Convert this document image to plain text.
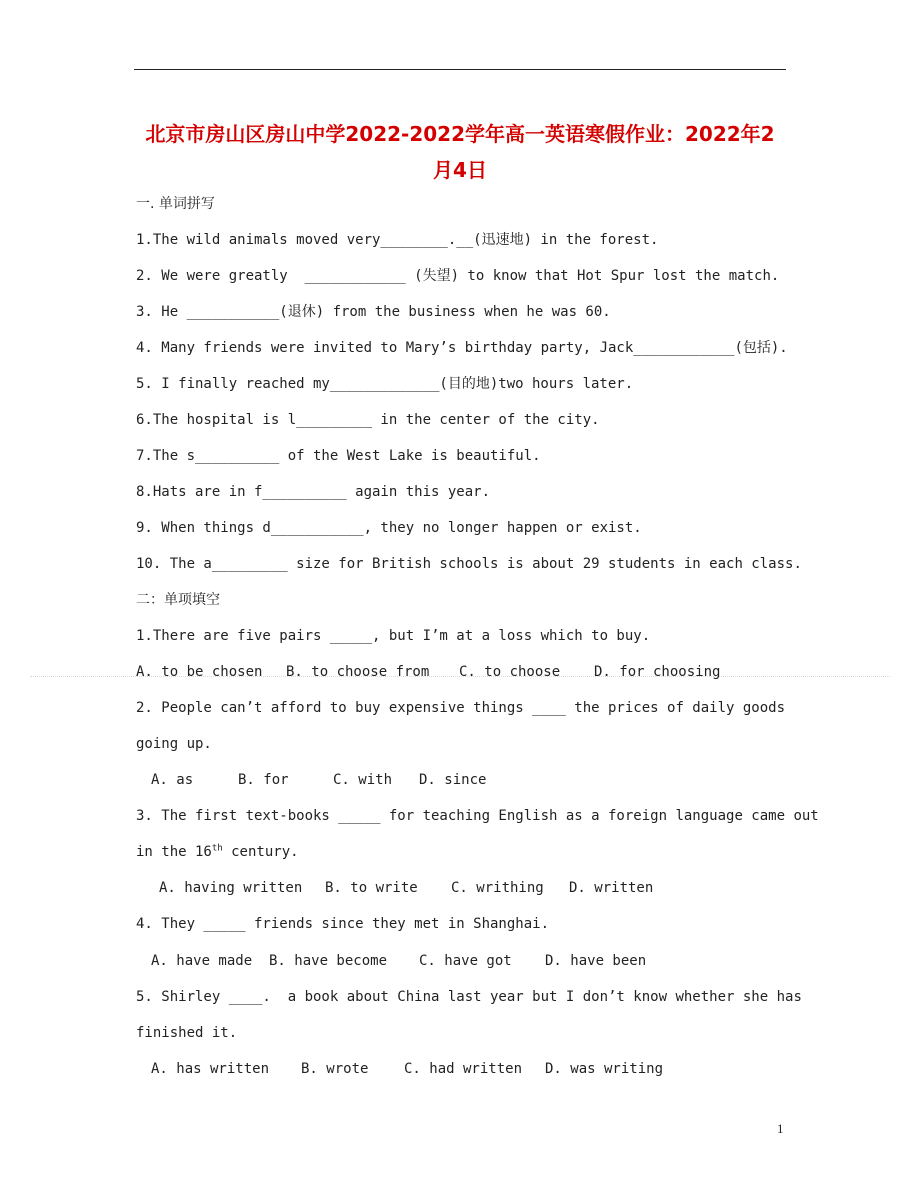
北京市房山区房山中学2022-2022学年高一英语寒假作业：2022年2
月4日
一. 单词拼写
1.The wild animals moved very________.__(迅速地) in the forest.
2. We were greatly  ____________ (失望) to know that Hot Spur lost the match.
3. He ___________(退休) from the business when he was 60.
4. Many friends were invited to Mary’s birthday party, Jack____________(包括).
5. I finally reached my_____________(目的地)two hours later.
6.The hospital is l_________ in the center of the city.
7.The s__________ of the West Lake is beautiful.
8.Hats are in f__________ again this year.
9. When things d___________, they no longer happen or exist.
10. The a_________ size for British schools is about 29 students in each class.
二：单项填空
1.There are five pairs _____, but I’m at a loss which to buy.
A. to be chosen B. to choose from C. to choose D. for choosing
2. People can’t afford to buy expensive things ____ the prices of daily goods
going up.
A. as	B. for	C. with D. since
3. The first text-books _____ for teaching English as a foreign language came out
in the 16th century.
A. having written B. to write C. writhing D. written
4. They _____ friends since they met in Shanghai.
A. have made B. have become C. have got D. have been
5. Shirley ____.  a book about China last year but I don’t know whether she has
finished it.
A. has written B. wrote	C. had written D. was writing
1
